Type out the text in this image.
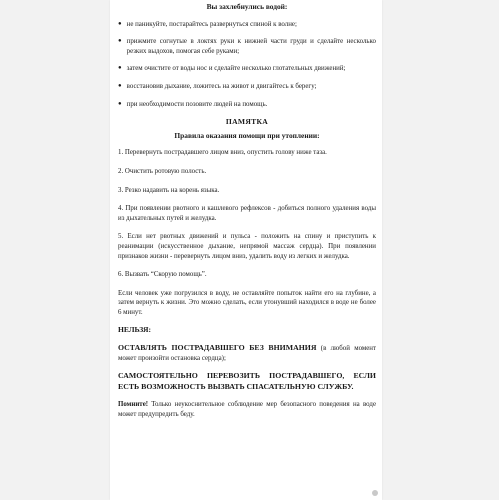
Вы захлебнулись водой:
● не паникуйте, постарайтесь развернуться спиной к волне;
● прижмите согнутые в локтях руки к нижней части груди и сделайте несколько резких выдохов, помогая себе руками;
● затем очистите от воды нос и сделайте несколько глотательных движений;
● восстановив дыхание, ложитесь на живот и двигайтесь к берегу;
● при необходимости позовите людей на помощь.
ПАМЯТКА
Правила оказания помощи при утоплении:
1. Перевернуть пострадавшего лицом вниз, опустить голову ниже таза.
2. Очистить ротовую полость.
3. Резко надавить на корень языка.
4. При появлении рвотного и кашлевого рефлексов - добиться полного удаления воды из дыхательных путей и желудка.
5. Если нет рвотных движений и пульса - положить на спину и приступить к реанимации (искусственное дыхание, непрямой массаж сердца). При появлении признаков жизни - перевернуть лицом вниз, удалить воду из легких и желудка.
6. Вызвать “Скорую помощь”.
Если человек уже погрузился в воду, не оставляйте попыток найти его на глубине, а затем вернуть к жизни. Это можно сделать, если утонувший находился в воде не более 6 минут.
НЕЛЬЗЯ:
ОСТАВЛЯТЬ ПОСТРАДАВШЕГО БЕЗ ВНИМАНИЯ (в любой момент может произойти остановка сердца);
САМОСТОЯТЕЛЬНО ПЕРЕВОЗИТЬ ПОСТРАДАВШЕГО, ЕСЛИ ЕСТЬ ВОЗМОЖНОСТЬ ВЫЗВАТЬ СПАСАТЕЛЬНУЮ СЛУЖБУ.
Помните! Только неукоснительное соблюдение мер безопасного поведения на воде может предупредить беду.
